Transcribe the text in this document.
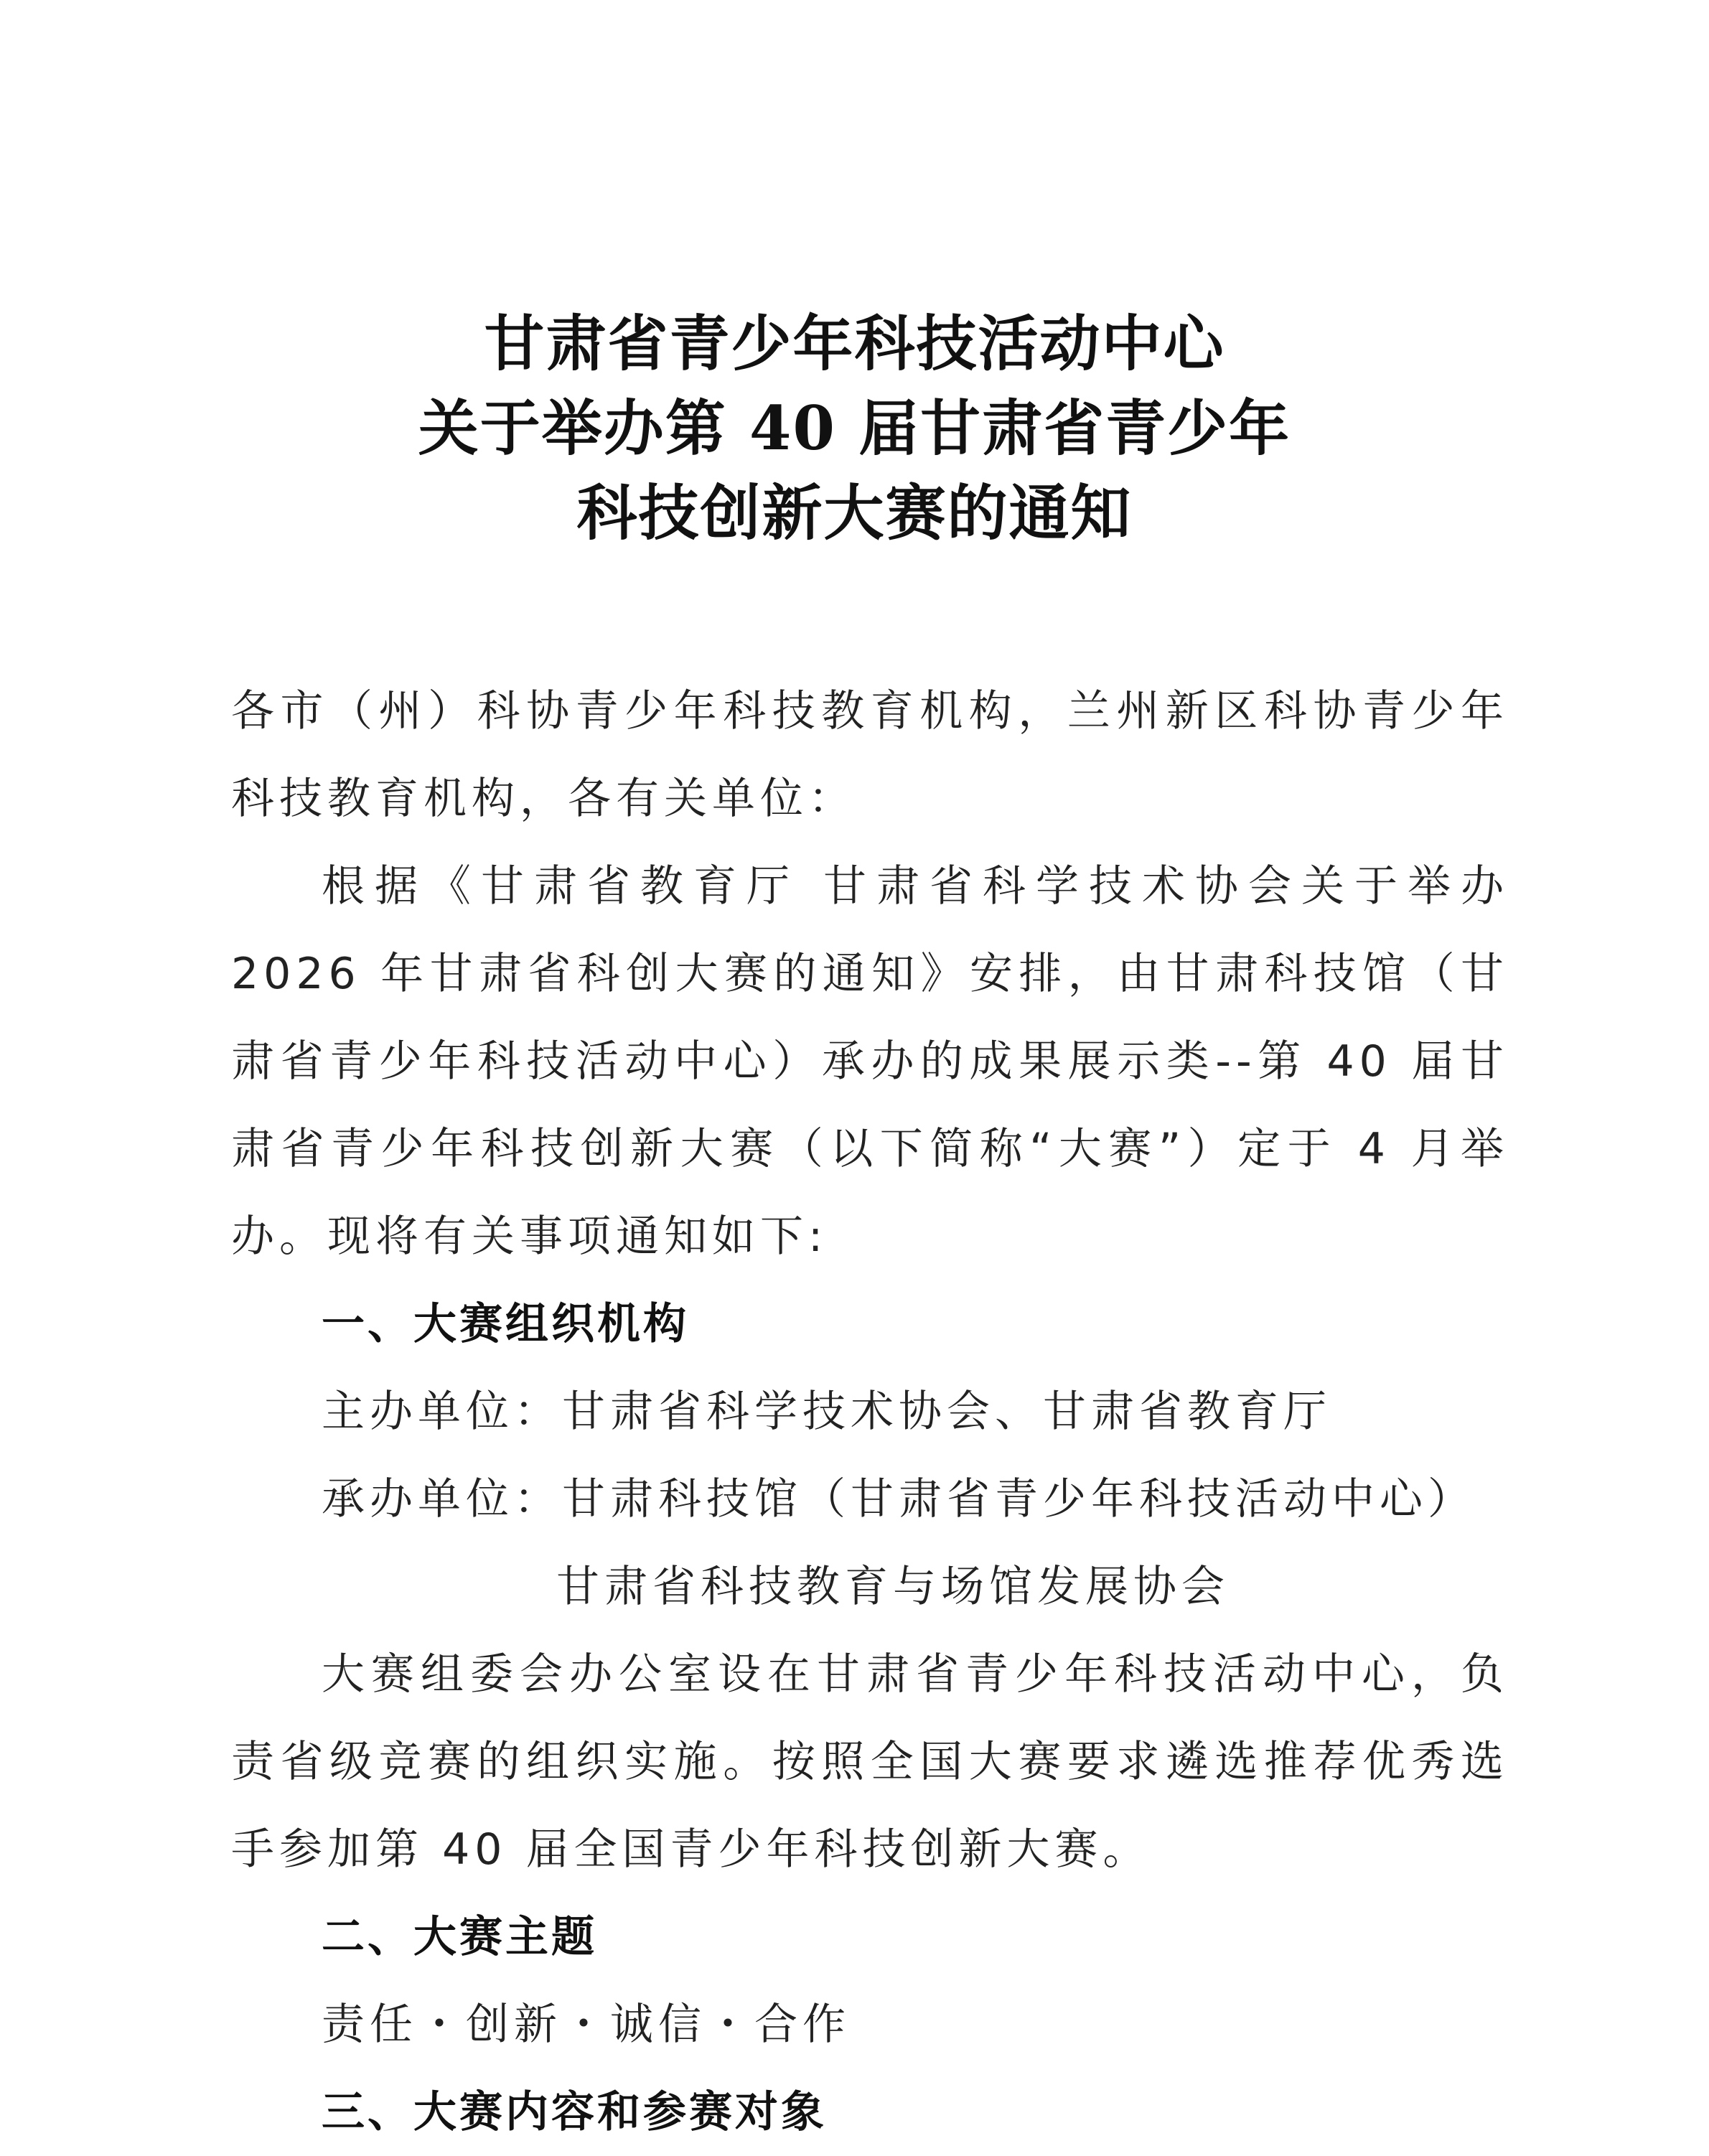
甘肃省青少年科技活动中心
关于举办第 40 届甘肃省青少年
科技创新大赛的通知

各市（州）科协青少年科技教育机构，兰州新区科协青少年科技教育机构，各有关单位：

根据《甘肃省教育厅 甘肃省科学技术协会关于举办 2026 年甘肃省科创大赛的通知》安排，由甘肃科技馆（甘肃省青少年科技活动中心）承办的成果展示类--第 40 届甘肃省青少年科技创新大赛（以下简称“大赛”）定于 4 月举办。现将有关事项通知如下:

一、大赛组织机构

主办单位：甘肃省科学技术协会、甘肃省教育厅

承办单位：甘肃科技馆（甘肃省青少年科技活动中心）

甘肃省科技教育与场馆发展协会

大赛组委会办公室设在甘肃省青少年科技活动中心，负责省级竞赛的组织实施。按照全国大赛要求遴选推荐优秀选手参加第 40 届全国青少年科技创新大赛。

二、大赛主题

责任・创新・诚信・合作

三、大赛内容和参赛对象
